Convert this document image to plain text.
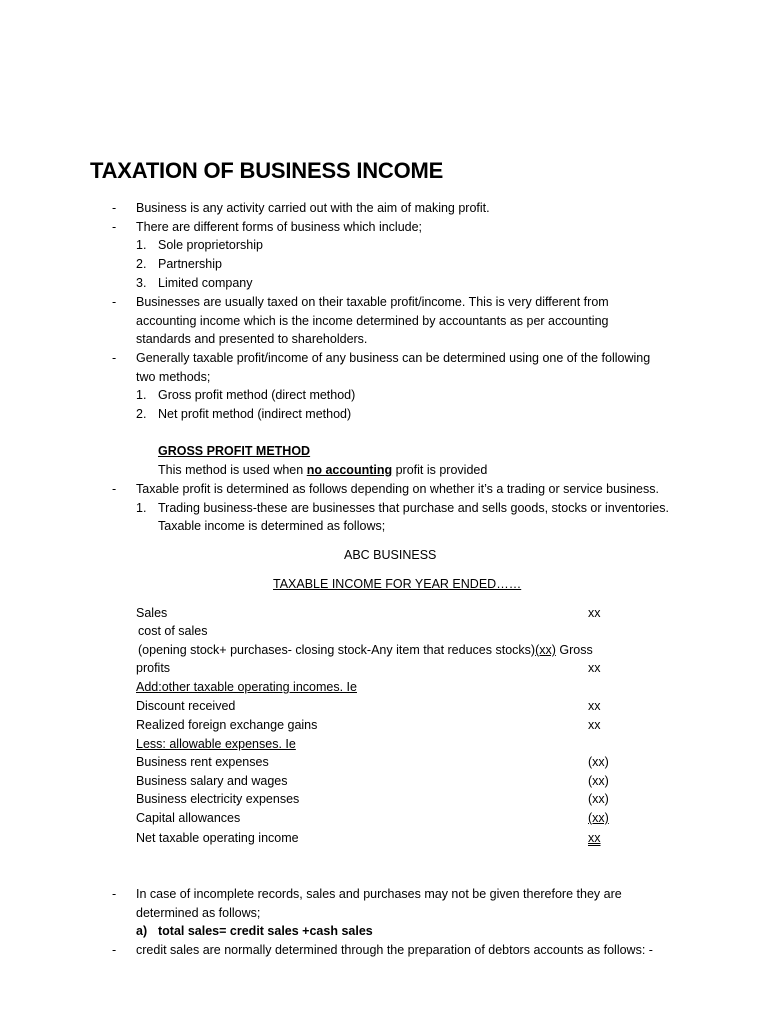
TAXATION OF BUSINESS INCOME
- Business is any activity carried out with the aim of making profit.
- There are different forms of business which include;
1. Sole proprietorship
2. Partnership
3. Limited company
- Businesses are usually taxed on their taxable profit/income. This is very different from
accounting income which is the income determined by accountants as per accounting
standards and presented to shareholders.
- Generally taxable profit/income of any business can be determined using one of the following
two methods;
1. Gross profit method (direct method)
2. Net profit method (indirect method)
GROSS PROFIT METHOD
This method is used when no accounting profit is provided
- Taxable profit is determined as follows depending on whether it’s a trading or service business.
1. Trading business-these are businesses that purchase and sells goods, stocks or inventories.
Taxable income is determined as follows;
ABC BUSINESS
TAXABLE INCOME FOR YEAR ENDED……
Sales	xx
cost of sales
(opening stock+ purchases- closing stock-Any item that reduces stocks)(xx) Gross
profits	xx
Add:other taxable operating incomes. Ie
Discount received	xx
Realized foreign exchange gains	xx
Less: allowable expenses. Ie
Business rent expenses	(xx)
Business salary and wages	(xx)
Business electricity expenses	(xx)
Capital allowances	(xx)
Net taxable operating income	xx
- In case of incomplete records, sales and purchases may not be given therefore they are
determined as follows;
a) total sales= credit sales +cash sales
- credit sales are normally determined through the preparation of debtors accounts as follows: -
